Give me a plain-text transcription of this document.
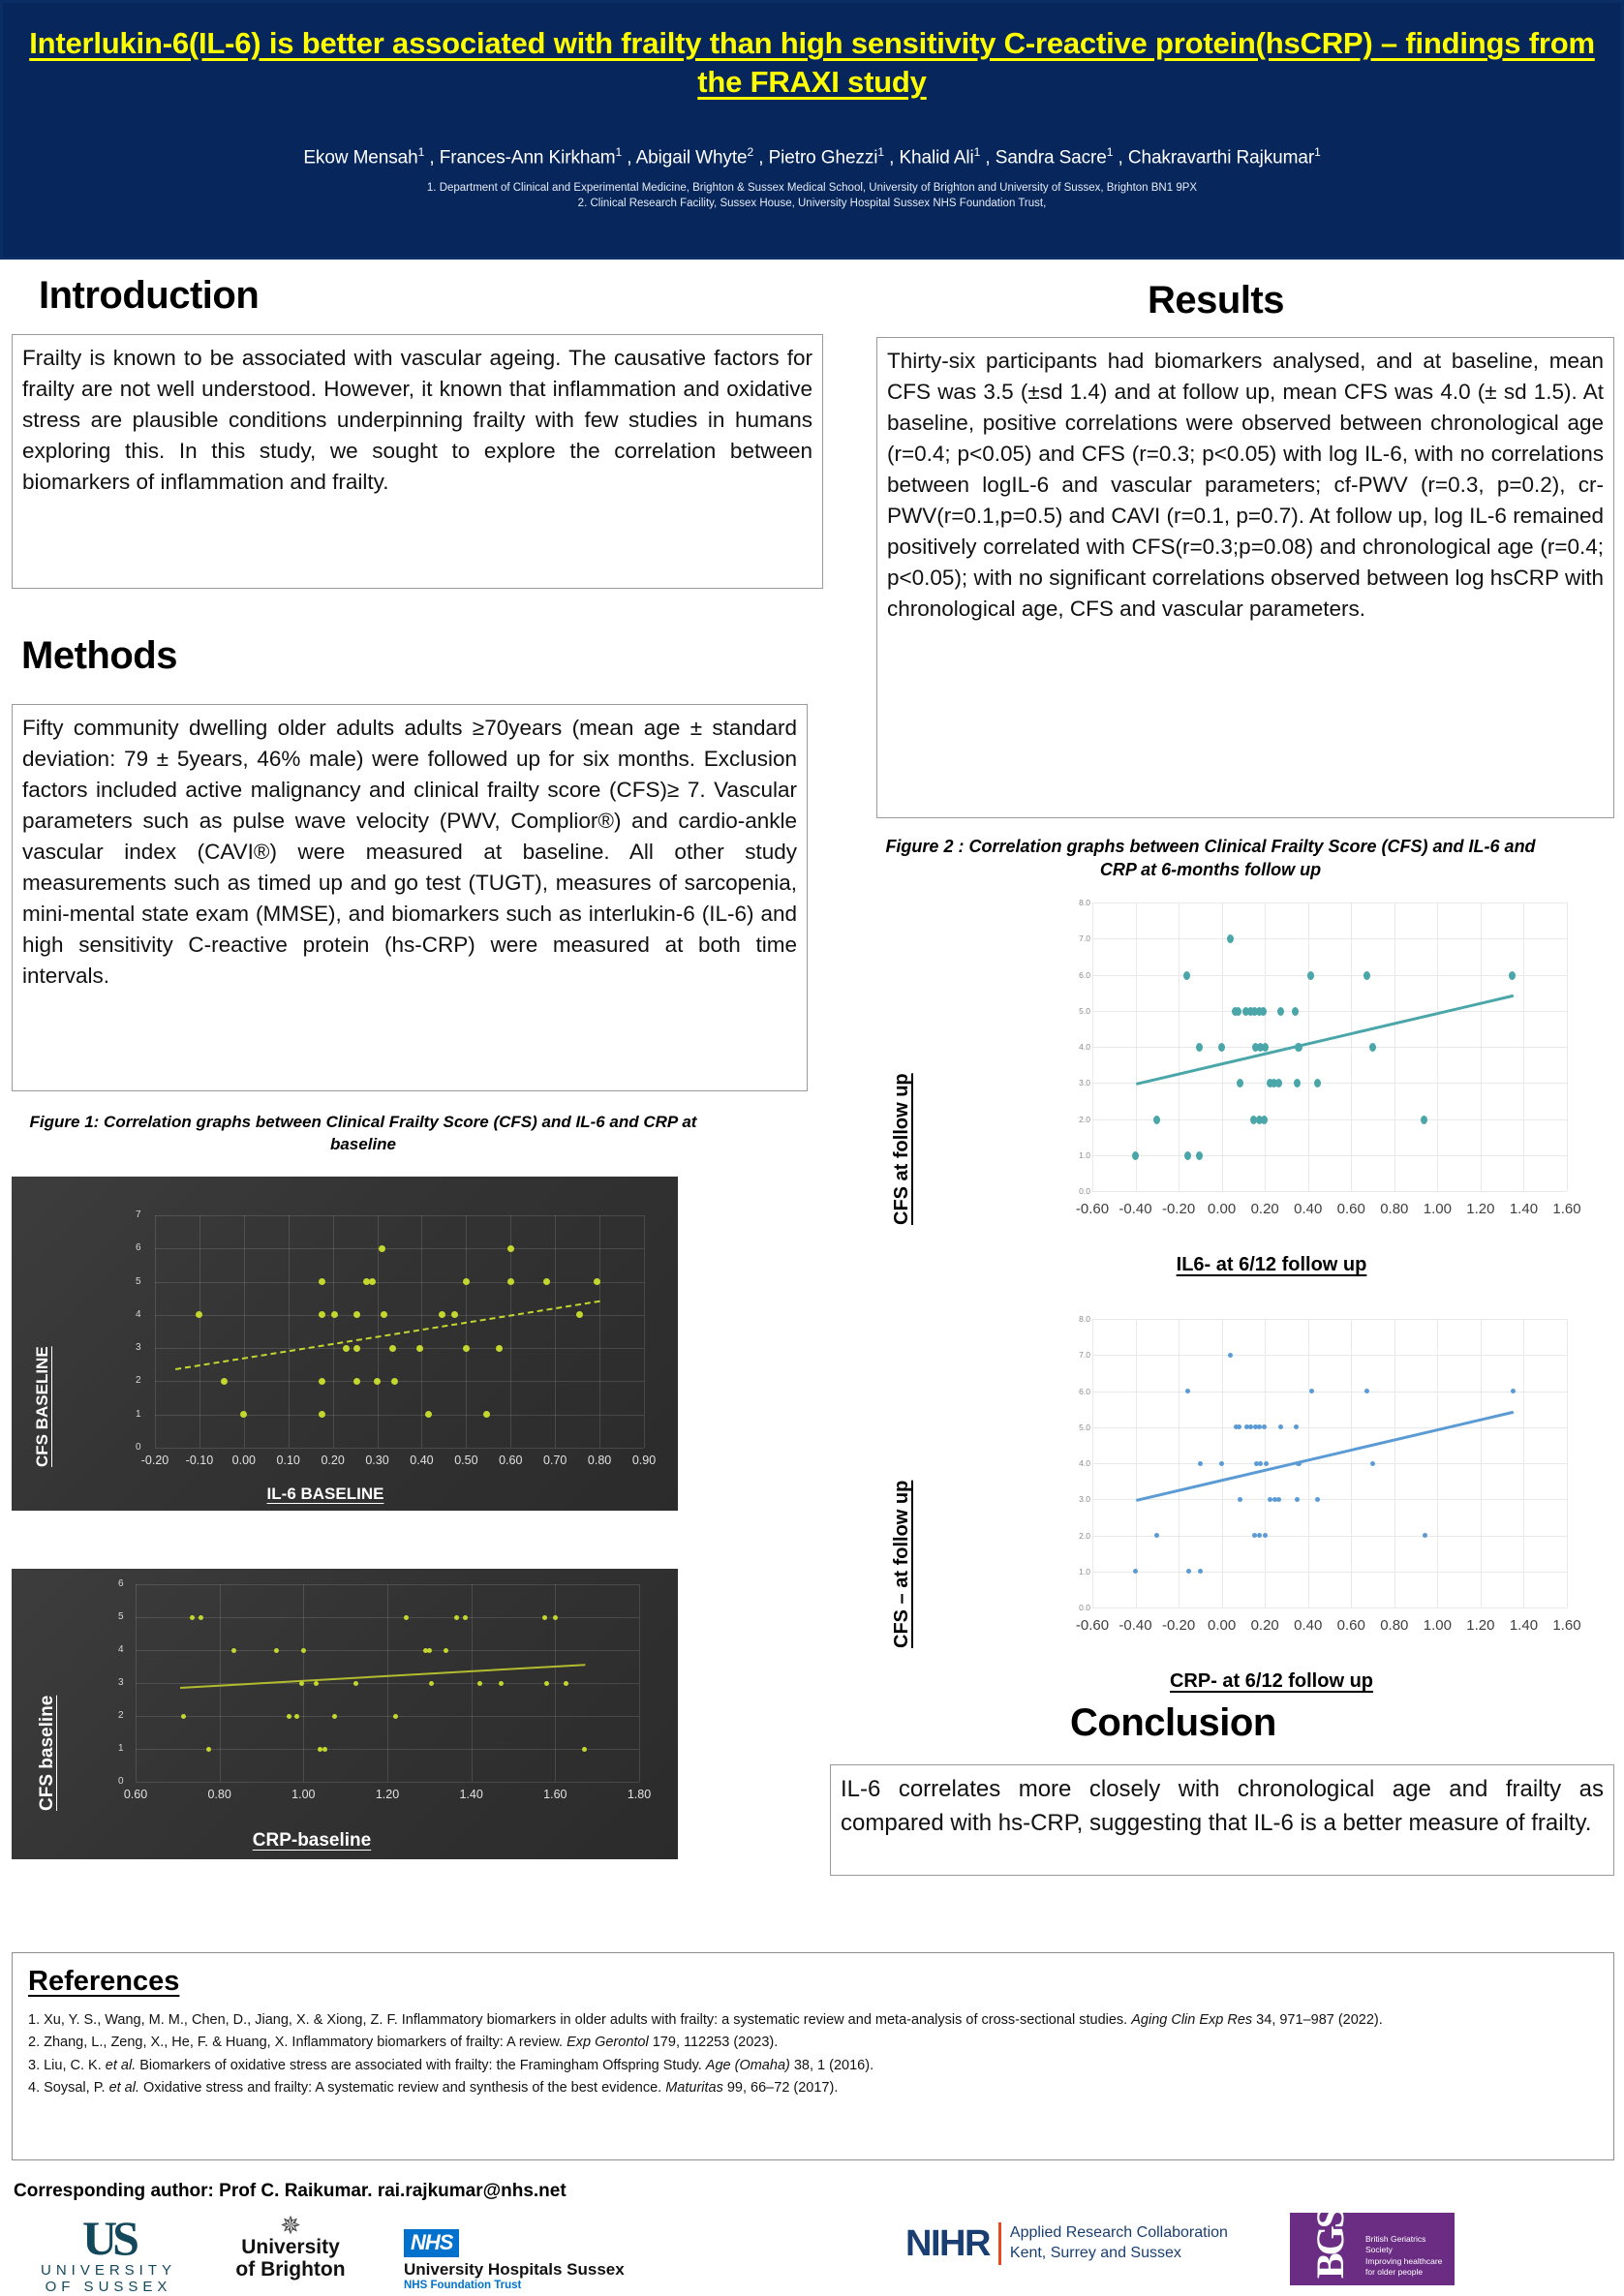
Interlukin-6(IL-6) is better associated with frailty than high sensitivity C-reactive protein(hsCRP) – findings from the FRAXI study
Ekow Mensah$^1$ , Frances-Ann Kirkham$^1$ , Abigail Whyte$^2$ , Pietro Ghezzi$^1$ , Khalid Ali$^1$ , Sandra Sacre$^1$ , Chakravarthi Rajkumar$^1$
1. Department of Clinical and Experimental Medicine, Brighton & Sussex Medical School, University of Brighton and University of Sussex, Brighton BN1 9PX
2. Clinical Research Facility, Sussex House, University Hospital Sussex NHS Foundation Trust,
Introduction
Frailty is known to be associated with vascular ageing. The causative factors for frailty are not well understood. However, it known that inflammation and oxidative stress are plausible conditions underpinning frailty with few studies in humans exploring this. In this study, we sought to explore the correlation between biomarkers of inflammation and frailty.
Methods
Fifty community dwelling older adults adults ≥70years (mean age ± standard deviation: 79 ± 5years, 46% male) were followed up for six months. Exclusion factors included active malignancy and clinical frailty score (CFS)≥ 7. Vascular parameters such as pulse wave velocity (PWV, Complior®) and cardio-ankle vascular index (CAVI®) were measured at baseline. All other study measurements such as timed up and go test (TUGT), measures of sarcopenia, mini-mental state exam (MMSE), and biomarkers such as interlukin-6 (IL-6) and high sensitivity C-reactive protein (hs-CRP) were measured at both time intervals.
Results
Thirty-six participants had biomarkers analysed, and at baseline, mean CFS was 3.5 (±sd 1.4) and at follow up, mean CFS was 4.0 (± sd 1.5). At baseline, positive correlations were observed between chronological age (r=0.4; p<0.05) and CFS (r=0.3; p<0.05) with log IL-6, with no correlations between logIL-6 and vascular parameters; cf-PWV (r=0.3, p=0.2), cr-PWV(r=0.1,p=0.5) and CAVI (r=0.1, p=0.7). At follow up, log IL-6 remained positively correlated with CFS(r=0.3;p=0.08) and chronological age (r=0.4; p<0.05); with no significant correlations observed between log hsCRP with chronological age, CFS and vascular parameters.
Figure 1: Correlation graphs between Clinical Frailty Score (CFS) and IL-6 and CRP at baseline
CFS BASELINE
IL-6 BASELINE
0
1
2
3
4
5
6
7
-0.20	-0.10	0.00	0.10	0.20	0.30	0.40	0.50	0.60	0.70	0.80	0.90
CFS baseline
CRP-baseline
0
1
2
3
4
5
6
0.60	0.80	1.00	1.20	1.40	1.60	1.80
Figure 2 : Correlation graphs between Clinical Frailty Score (CFS) and IL-6 and CRP at 6-months follow up
CFS at follow up
IL6- at 6/12 follow up
0.0
1.0
2.0
3.0
4.0
5.0
6.0
7.0
8.0
-0.60 -0.40 -0.20 0.00	0.20	0.40	0.60	0.80	1.00	1.20	1.40	1.60
CFS – at follow up
CRP- at 6/12 follow up
0.0
1.0
2.0
3.0
4.0
5.0
6.0
7.0
8.0
-0.60 -0.40 -0.20 0.00	0.20	0.40	0.60	0.80	1.00	1.20	1.40	1.60
Conclusion
IL-6 correlates more closely with chronological age and frailty as compared with hs-CRP, suggesting that IL-6 is a better measure of frailty.
References
1. Xu, Y. S., Wang, M. M., Chen, D., Jiang, X. & Xiong, Z. F. Inflammatory biomarkers in older adults with frailty: a systematic review and meta-analysis of cross-sectional studies. Aging Clin Exp Res 34, 971–987 (2022).
2. Zhang, L., Zeng, X., He, F. & Huang, X. Inflammatory biomarkers of frailty: A review. Exp Gerontol 179, 112253 (2023).
3. Liu, C. K. et al. Biomarkers of oxidative stress are associated with frailty: the Framingham Offspring Study. Age (Omaha) 38, 1 (2016).
4. Soysal, P. et al. Oxidative stress and frailty: A systematic review and synthesis of the best evidence. Maturitas 99, 66–72 (2017).
Corresponding author: Prof C. Raikumar. rai.rajkumar@nhs.net
US
UNIVERSITY
OF SUSSEX
✵
University
of Brighton
NHS
University Hospitals Sussex
NHS Foundation Trust
NIHR Applied Research Collaboration
Kent, Surrey and Sussex	BGS British Geriatrics Society
Improving healthcare
for older people
